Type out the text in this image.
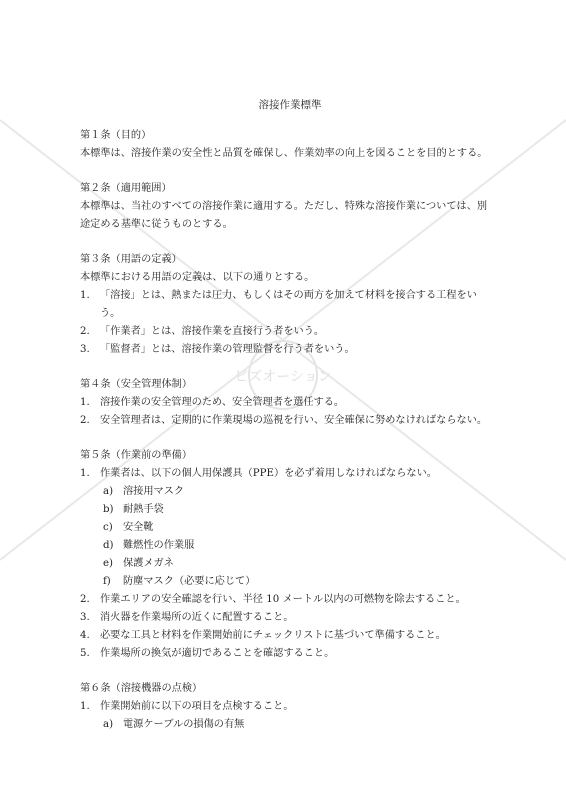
ビズオーション
溶接作業標準
第１条（目的）
本標準は、溶接作業の安全性と品質を確保し、作業効率の向上を図ることを目的とする。
第２条（適用範囲）
本標準は、当社のすべての溶接作業に適用する。ただし、特殊な溶接作業については、別
途定める基準に従うものとする。
第３条（用語の定義）
本標準における用語の定義は、以下の通りとする。
1. 「溶接」とは、熱または圧力、もしくはその両方を加えて材料を接合する工程をい
う。
2. 「作業者」とは、溶接作業を直接行う者をいう。
3. 「監督者」とは、溶接作業の管理監督を行う者をいう。
第４条（安全管理体制）
1. 溶接作業の安全管理のため、安全管理者を選任する。
2. 安全管理者は、定期的に作業現場の巡視を行い、安全確保に努めなければならない。
第５条（作業前の準備）
1. 作業者は、以下の個人用保護具（PPE）を必ず着用しなければならない。
a) 溶接用マスク
b) 耐熱手袋
c) 安全靴
d) 難燃性の作業服
e) 保護メガネ
f) 防塵マスク（必要に応じて）
2. 作業エリアの安全確認を行い、半径 10 メートル以内の可燃物を除去すること。
3. 消火器を作業場所の近くに配置すること。
4. 必要な工具と材料を作業開始前にチェックリストに基づいて準備すること。
5. 作業場所の換気が適切であることを確認すること。
第６条（溶接機器の点検）
1. 作業開始前に以下の項目を点検すること。
a) 電源ケーブルの損傷の有無
